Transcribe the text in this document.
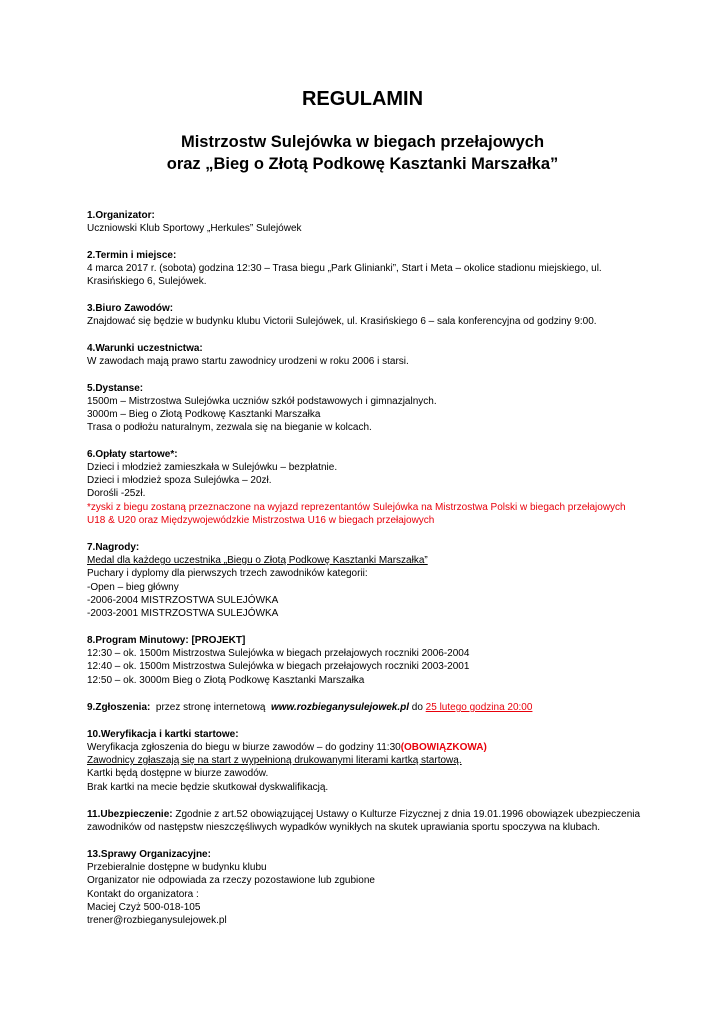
REGULAMIN
Mistrzostw Sulejówka w biegach przełajowych
oraz „Bieg o Złotą Podkowę Kasztanki Marszałka”
1.Organizator:
Uczniowski Klub Sportowy „Herkules” Sulejówek
2.Termin i miejsce:
4 marca 2017 r. (sobota) godzina 12:30 – Trasa biegu „Park Glinianki”, Start i Meta – okolice stadionu miejskiego, ul.
Krasińskiego 6, Sulejówek.
3.Biuro Zawodów:
Znajdować się będzie w budynku klubu Victorii Sulejówek, ul. Krasińskiego 6 – sala konferencyjna od godziny 9:00.
4.Warunki uczestnictwa:
W zawodach mają prawo startu zawodnicy urodzeni w roku 2006 i starsi.
5.Dystanse:
1500m – Mistrzostwa Sulejówka uczniów szkół podstawowych i gimnazjalnych.
3000m – Bieg o Złotą Podkowę Kasztanki Marszałka
Trasa o podłożu naturalnym, zezwala się na bieganie w kolcach.
6.Opłaty startowe*:
Dzieci i młodzież zamieszkała w Sulejówku – bezpłatnie.
Dzieci i młodzież spoza Sulejówka – 20zł.
Dorośli -25zł.
*zyski z biegu zostaną przeznaczone na wyjazd reprezentantów Sulejówka na Mistrzostwa Polski w biegach przełajowych
U18 & U20 oraz Międzywojewódzkie Mistrzostwa U16 w biegach przełajowych
7.Nagrody:
Medal dla każdego uczestnika „Biegu o Złotą Podkowę Kasztanki Marszałka”
Puchary i dyplomy dla pierwszych trzech zawodników kategorii:
-Open – bieg główny
-2006-2004 MISTRZOSTWA SULEJÓWKA
-2003-2001 MISTRZOSTWA SULEJÓWKA
8.Program Minutowy: [PROJEKT]
12:30 – ok. 1500m Mistrzostwa Sulejówka w biegach przełajowych roczniki 2006-2004
12:40 – ok. 1500m Mistrzostwa Sulejówka w biegach przełajowych roczniki 2003-2001
12:50 – ok. 3000m Bieg o Złotą Podkowę Kasztanki Marszałka
9.Zgłoszenia:  przez stronę internetową  www.rozbieganysulejowek.pl do 25 lutego godzina 20:00
10.Weryfikacja i kartki startowe:
Weryfikacja zgłoszenia do biegu w biurze zawodów – do godziny 11:30(OBOWIĄZKOWA)
Zawodnicy zgłaszają się na start z wypełnioną drukowanymi literami kartką startową.
Kartki będą dostępne w biurze zawodów.
Brak kartki na mecie będzie skutkował dyskwalifikacją.
11.Ubezpieczenie: Zgodnie z art.52 obowiązującej Ustawy o Kulturze Fizycznej z dnia 19.01.1996 obowiązek ubezpieczenia
zawodników od następstw nieszczęśliwych wypadków wynikłych na skutek uprawiania sportu spoczywa na klubach.
13.Sprawy Organizacyjne:
Przebieralnie dostępne w budynku klubu
Organizator nie odpowiada za rzeczy pozostawione lub zgubione
Kontakt do organizatora :
Maciej Czyż 500-018-105
trener@rozbieganysulejowek.pl
